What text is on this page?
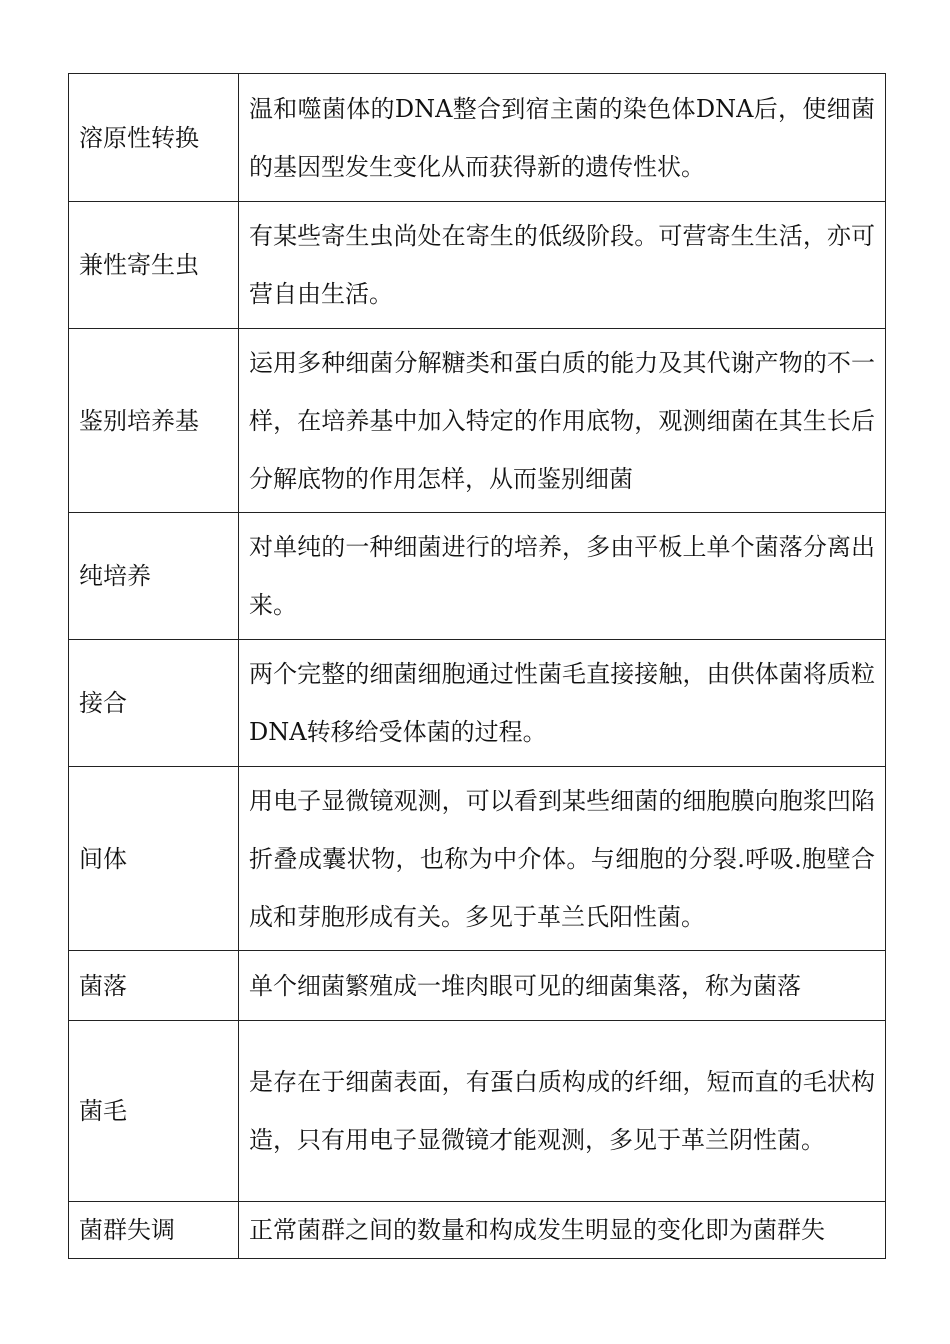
溶原性转换	温和噬菌体的DNA整合到宿主菌的染色体DNA后，使细菌的基因型发生变化从而获得新的遗传性状。
兼性寄生虫	有某些寄生虫尚处在寄生的低级阶段。可营寄生生活，亦可营自由生活。
鉴别培养基	运用多种细菌分解糖类和蛋白质的能力及其代谢产物的不一样，在培养基中加入特定的作用底物，观测细菌在其生长后分解底物的作用怎样，从而鉴别细菌
纯培养	对单纯的一种细菌进行的培养，多由平板上单个菌落分离出来。
接合	两个完整的细菌细胞通过性菌毛直接接触，由供体菌将质粒DNA转移给受体菌的过程。
间体	用电子显微镜观测，可以看到某些细菌的细胞膜向胞浆凹陷折叠成囊状物，也称为中介体。与细胞的分裂.呼吸.胞壁合成和芽胞形成有关。多见于革兰氏阳性菌。
菌落	单个细菌繁殖成一堆肉眼可见的细菌集落，称为菌落
菌毛	是存在于细菌表面，有蛋白质构成的纤细，短而直的毛状构造，只有用电子显微镜才能观测，多见于革兰阴性菌。
菌群失调	正常菌群之间的数量和构成发生明显的变化即为菌群失
